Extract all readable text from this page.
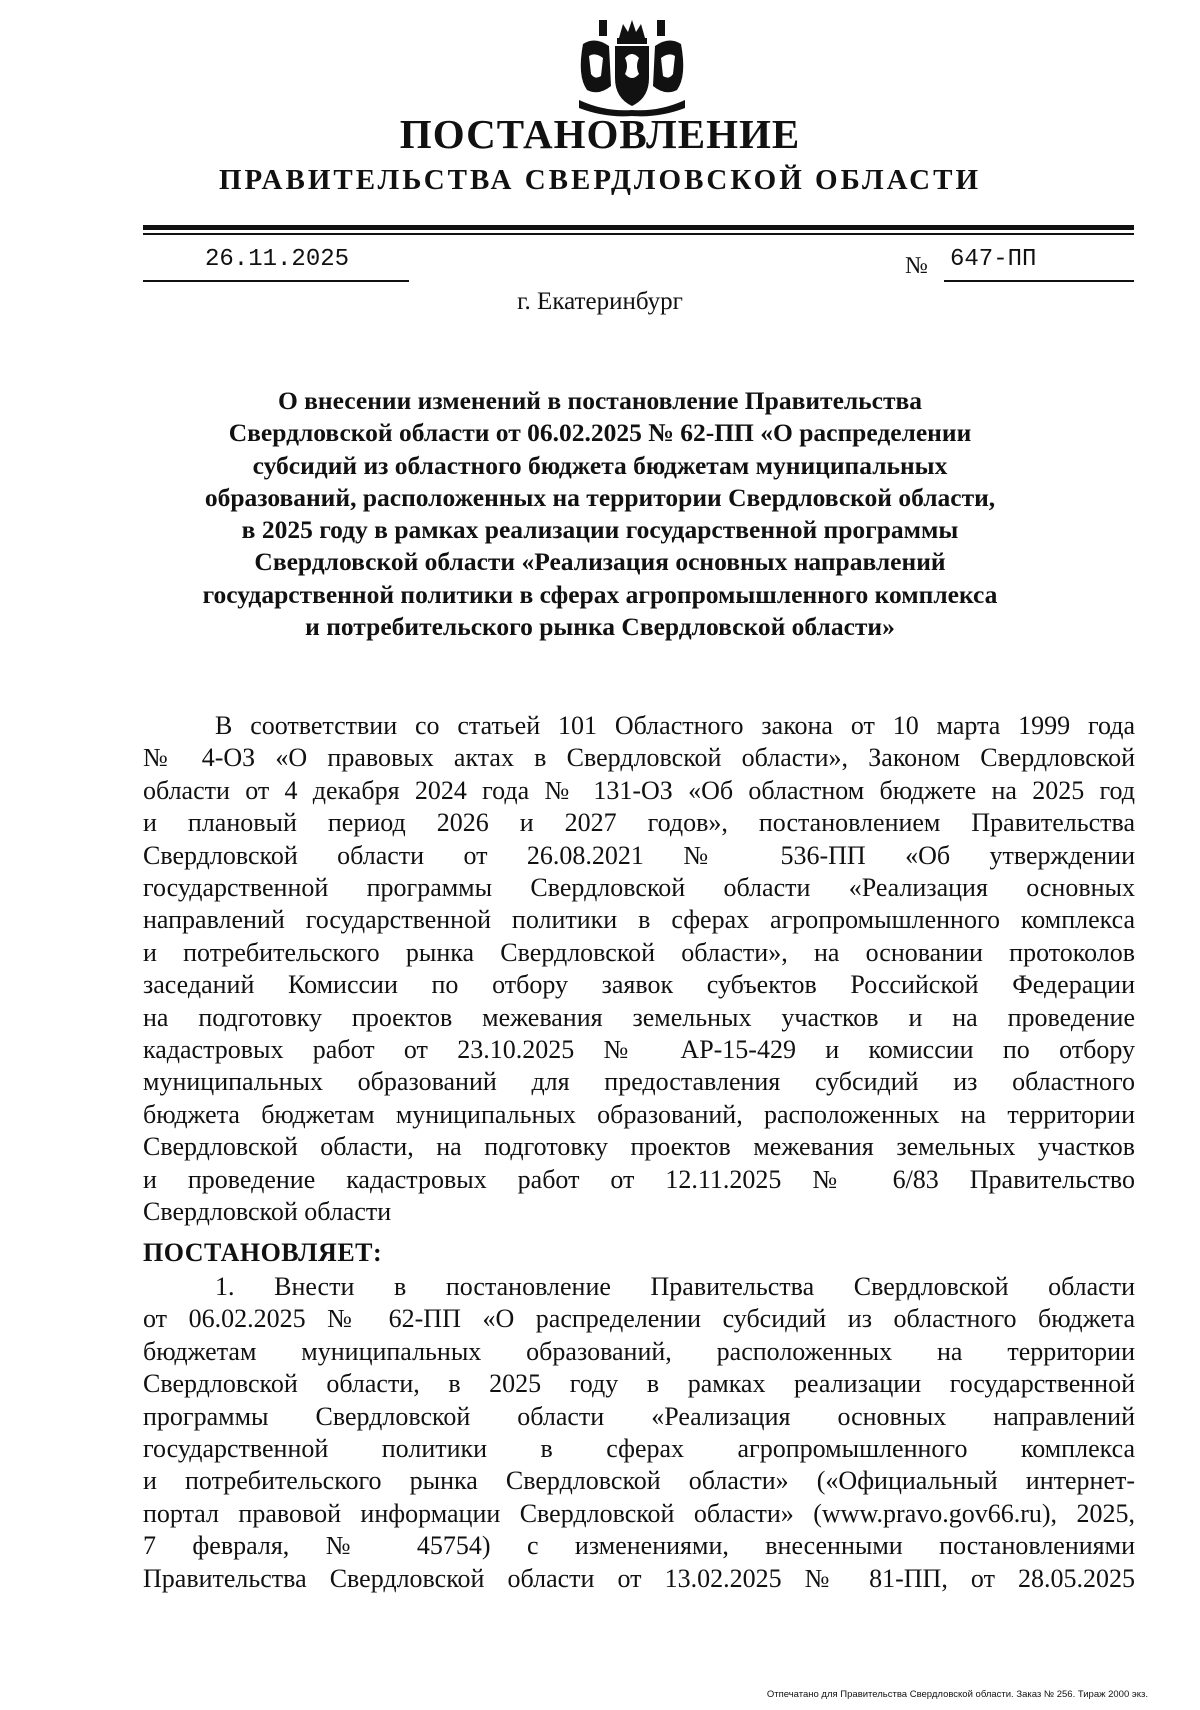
ПОСТАНОВЛЕНИЕ
ПРАВИТЕЛЬСТВА СВЕРДЛОВСКОЙ ОБЛАСТИ
26.11.2025	№ 647-ПП
г. Екатеринбург
О внесении изменений в постановление Правительства
Свердловской области от 06.02.2025 № 62-ПП «О распределении
субсидий из областного бюджета бюджетам муниципальных
образований, расположенных на территории Свердловской области,
в 2025 году в рамках реализации государственной программы
Свердловской области «Реализация основных направлений
государственной политики в сферах агропромышленного комплекса
и потребительского рынка Свердловской области»
В соответствии со статьей 101 Областного закона от 10 марта 1999 года
№ 4-ОЗ «О правовых актах в Свердловской области», Законом Свердловской
области от 4 декабря 2024 года № 131-ОЗ «Об областном бюджете на 2025 год
и плановый период 2026 и 2027 годов», постановлением Правительства
Свердловской области от 26.08.2021 № 536-ПП «Об утверждении
государственной программы Свердловской области «Реализация основных
направлений государственной политики в сферах агропромышленного комплекса
и потребительского рынка Свердловской области», на основании протоколов
заседаний Комиссии по отбору заявок субъектов Российской Федерации
на подготовку проектов межевания земельных участков и на проведение
кадастровых работ от 23.10.2025 № АР-15-429 и комиссии по отбору
муниципальных образований для предоставления субсидий из областного
бюджета бюджетам муниципальных образований, расположенных на территории
Свердловской области, на подготовку проектов межевания земельных участков
и проведение кадастровых работ от 12.11.2025 № 6/83 Правительство
Свердловской области
ПОСТАНОВЛЯЕТ:
1. Внести в постановление Правительства Свердловской области
от 06.02.2025 № 62-ПП «О распределении субсидий из областного бюджета
бюджетам муниципальных образований, расположенных на территории
Свердловской области, в 2025 году в рамках реализации государственной
программы Свердловской области «Реализация основных направлений
государственной политики в сферах агропромышленного комплекса
и потребительского рынка Свердловской области» («Официальный интернет-
портал правовой информации Свердловской области» (www.pravo.gov66.ru), 2025,
7 февраля, № 45754) с изменениями, внесенными постановлениями
Правительства Свердловской области от 13.02.2025 № 81-ПП, от 28.05.2025
Отпечатано для Правительства Свердловской области. Заказ № 256. Тираж 2000 экз.
